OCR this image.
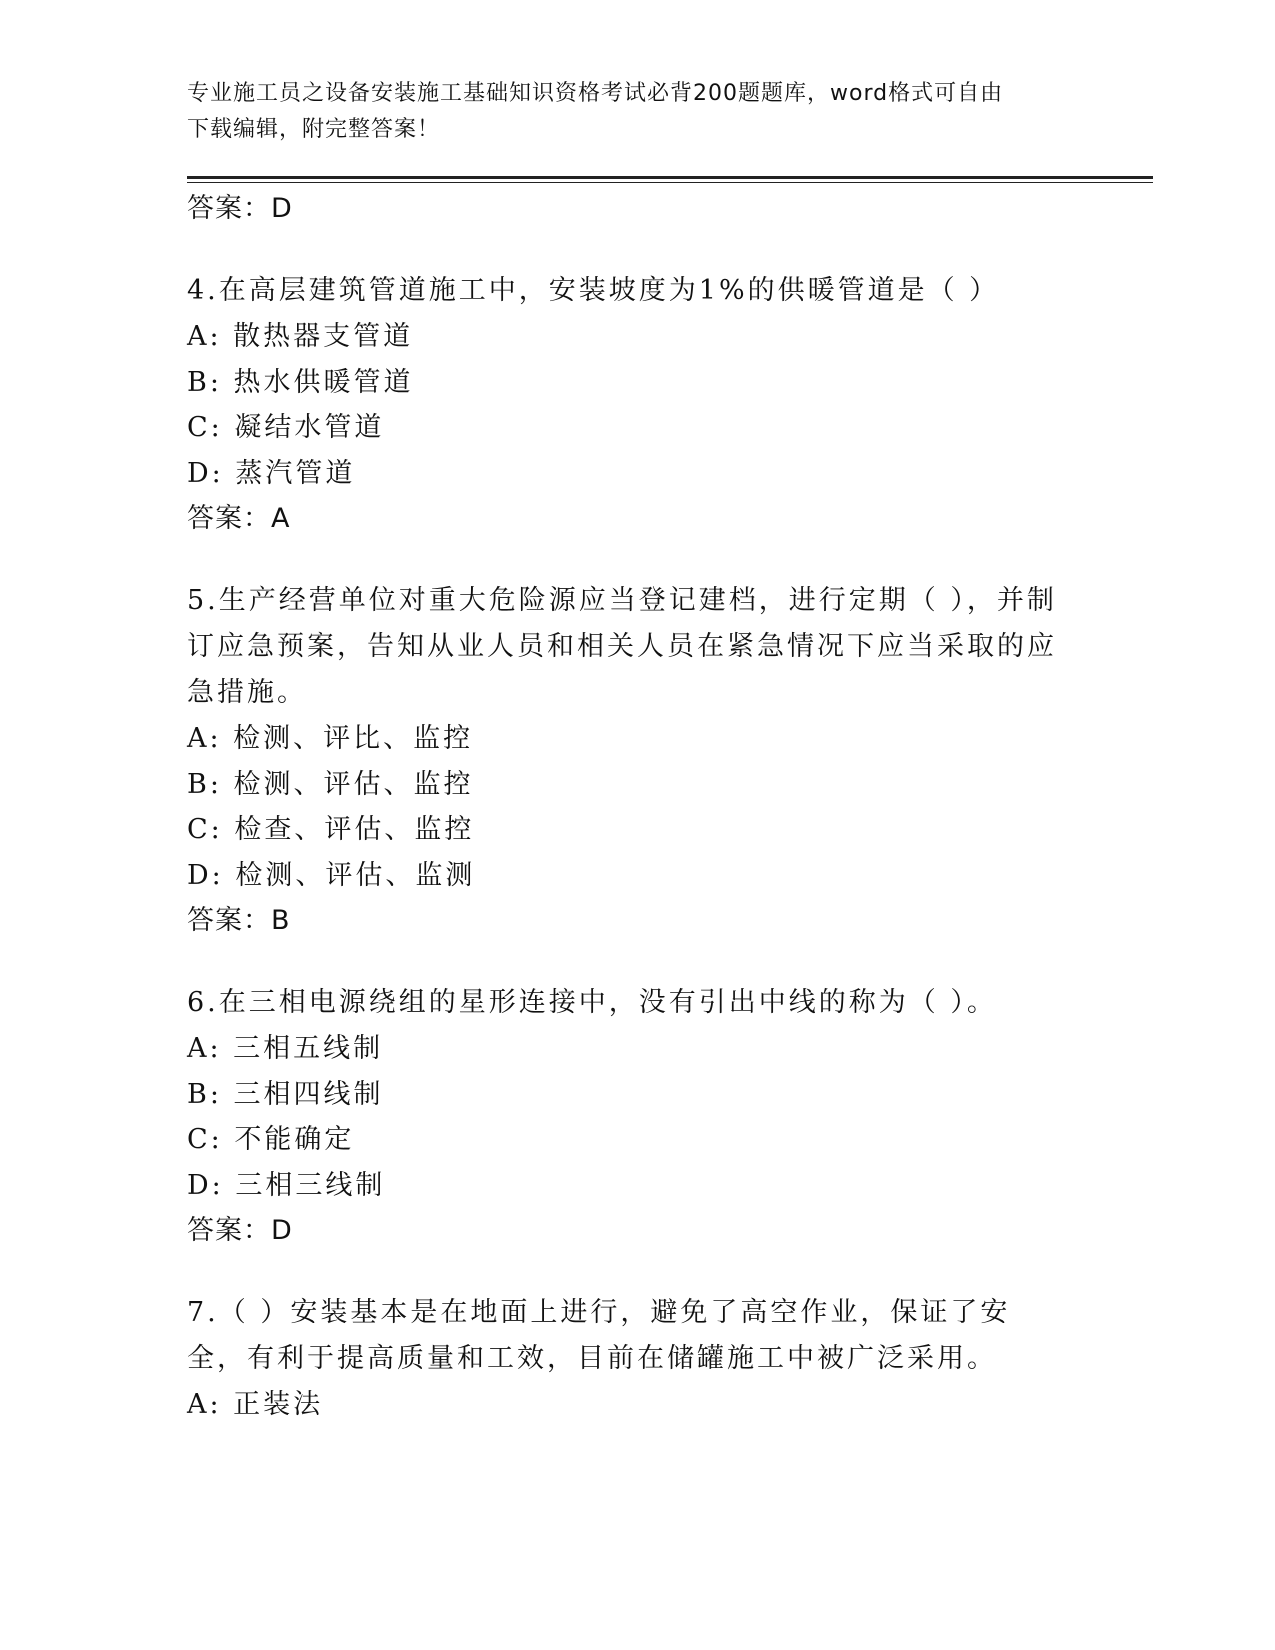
专业施工员之设备安装施工基础知识资格考试必背200题题库，word格式可自由
下载编辑，附完整答案！

答案：D

4.在高层建筑管道施工中，安装坡度为1%的供暖管道是（ ）

A: 散热器支管道

B: 热水供暖管道

C: 凝结水管道

D: 蒸汽管道

答案：A

5.生产经营单位对重大危险源应当登记建档，进行定期（ ），并制订应急预案，告知从业人员和相关人员在紧急情况下应当采取的应急措施。

A: 检测、评比、监控

B: 检测、评估、监控

C: 检查、评估、监控

D: 检测、评估、监测

答案：B

6.在三相电源绕组的星形连接中，没有引出中线的称为（ ）。

A: 三相五线制

B: 三相四线制

C: 不能确定

D: 三相三线制

答案：D

7.（ ）安装基本是在地面上进行，避免了高空作业，保证了安全，有利于提高质量和工效，目前在储罐施工中被广泛采用。

A: 正装法
